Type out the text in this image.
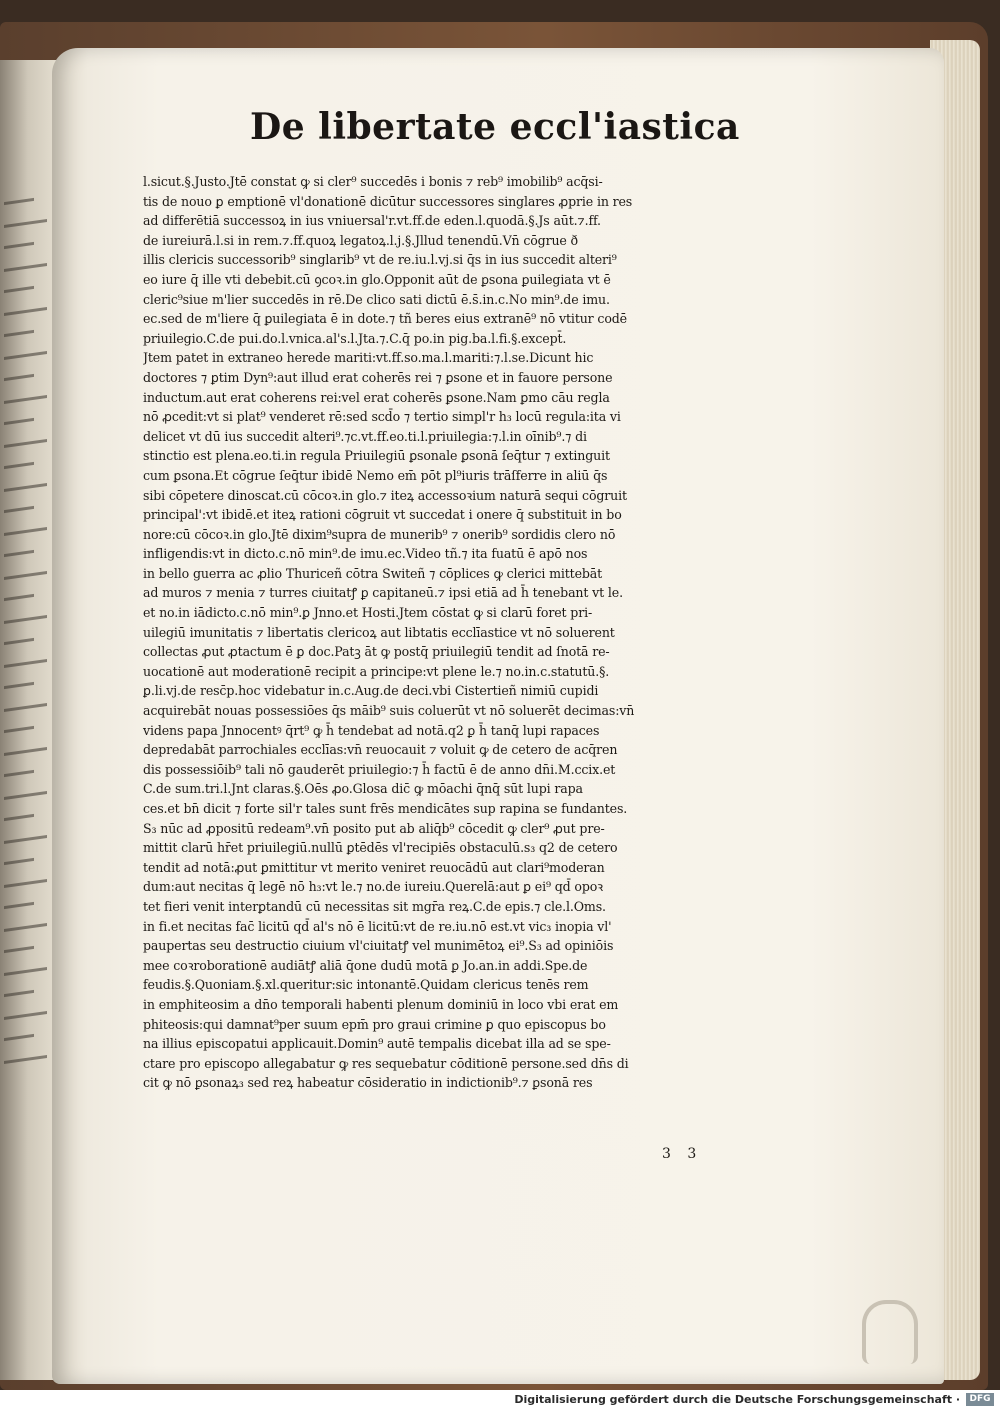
De libertate eccl'iastica
l.sicut.§.Justo.Jtē constat ꝙ si cler⁹ succedēs i bonis ⁊ reb⁹ imobilib⁹ acq̄si-
tis de nouo ꝑ emptionē vl'donationē dicūtur successores singlares ꝓprie in res
ad differētiā successoꝝ in ius vniuersal'r.vt.ff.de eden.l.quodā.§.Js aūt.⁊.ff.
de iureiurā.l.si in rem.⁊.ff.quoꝝ legatoꝝ.l.j.§.Jllud tenendū.Vn̄ cōgrue ð
illis clericis successorib⁹ singlarib⁹ vt de re.iu.l.vj.si q̄s in ius succedit alteri⁹
eo iure q̄ ille vti debebit.cū ꝯcoꝛ.in glo.Opponit aūt de ꝑsona ꝑuilegiata vt ē
cleric⁹siue m'lier succedēs in rē.De clico sati dictū ē.s̄.in.c.No min⁹.de imu.
ec.sed de m'liere q̄ ꝑuilegiata ē in dote.⁊ tñ beres eius extranē⁹ nō vtitur codē
priuilegio.C.de pui.do.l.vnica.al's.l.Jta.⁊.C.q̄ po.in pig.ba.l.fi.§.except̄.
Jtem patet in extraneo herede mariti:vt.ff.so.ma.l.mariti:⁊.l.se.Dicunt hic
doctores ⁊ ꝑtim Dyn⁹:aut illud erat coherēs rei ⁊ ꝑsone et in fauore persone
inductum.aut erat coherens rei:vel erat coherēs ꝑsone.Nam ꝑmo cāu regla
nō ꝓcedit:vt si plat⁹ venderet rē:sed scd̄o ⁊ tertio simpl'r h₃ locū regula:ita vi
delicet vt dū ius succedit alteri⁹.⁊c.vt.ff.eo.ti.l.priuilegia:⁊.l.in oīnib⁹.⁊ di
stinctio est plena.eo.ti.in regula Priuilegiū ꝑsonale ꝑsonā ſeq̄tur ⁊ extinguit
cum ꝑsona.Et cōgrue ſeq̄tur ibidē Nemo em̄ pōt pl⁹iuris trāſferre in aliū q̄s
sibi cōpetere dinoscat.cū cōcoꝛ.in glo.⁊ iteꝝ accessoꝛium naturā sequi cōgruit
principal':vt ibidē.et iteꝝ rationi cōgruit vt succedat i onere q̄ substituit in bo
nore:cū cōcoꝛ.in glo.Jtē dixim⁹supra de munerib⁹ ⁊ onerib⁹ sordidis clero nō
infligendis:vt in dicto.c.nō min⁹.de imu.ec.Video tñ.⁊ ita fuatū ē apō nos
in bello guerra ac ꝓlio Thuriceñ cōtra Switeñ ⁊ cōplices ꝙ clerici mittebāt
ad muros ⁊ menia ⁊ turres ciuitatꝭ ꝑ capitaneū.⁊ ipsi etiā ad h̄ tenebant vt le.
et no.in iādicto.c.nō min⁹.ꝑ Jnno.et Hosti.Jtem cōstat ꝙ si clarū foret pri-
uilegiū imunitatis ⁊ libertatis clericoꝝ aut libtatis ecclīastice vt nō soluerent
collectas ꝓut ꝓtactum ē ꝑ doc.Patꝫ āt ꝙ postq̄ priuilegiū tendit ad ſnotā re-
uocationē aut moderationē recipit a principe:vt plene le.⁊ no.in.c.statutū.§.
ꝑ.li.vj.de resc̄p.hoc videbatur in.c.Aug.de deci.vbi Cistertieñ nimiū cupidi
acquirebāt nouas possessiōes q̄s māib⁹ suis coluerūt vt nō soluerēt decimas:vn̄
videns papa Jnnocentꝰ q̄rt⁹ ꝙ h̄ tendebat ad notā.q2 ꝑ h̄ tanq̄ lupi rapaces
depredabāt parrochiales ecclīas:vn̄ reuocauit ⁊ voluit ꝙ de cetero de acq̄ren
dis possessiōib⁹ tali nō gauderēt priuilegio:⁊ h̄ factū ē de anno dn̄i.M.ccix.et
C.de sum.tri.l.Jnt claras.§.Oēs ꝓo.Glosa dic̄ ꝙ mōachi q̄nq̄ sūt lupi rapa
ces.et bn̄ dicit ⁊ forte sil'r tales sunt frēs mendicātes sup rapina se fundantes.
S₃ nūc ad ꝓpositū redeam⁹.vn̄ posito put ab aliq̄b⁹ cōcedit ꝙ cler⁹ ꝓut pre-
mittit clarū hr̄et priuilegiū.nullū ꝑtēdēs vl'recipiēs obstaculū.s₃ q2 de cetero
tendit ad notā:ꝓut ꝑmittitur vt merito veniret reuocādū aut clari⁹moderan
dum:aut necitas q̄ legē nō h₃:vt le.⁊ no.de iureiu.Querelā:aut ꝑ ei⁹ qd̄ opoꝛ
tet fieri venit interꝑtandū cū necessitas sit mgr̄a reꝝ.C.de epis.⁊ cle.l.Oms.
in fi.et necitas fac̄ licitū qd̄ al's nō ē licitū:vt de re.iu.nō est.vt vic₃ inopia vl'
paupertas seu destructio ciuium vl'ciuitatꝭ vel munimētoꝝ ei⁹.S₃ ad opiniōis
mee coꝛroborationē audiātꝭ aliā q̄one dudū motā ꝑ Jo.an.in addi.Spe.de
feudis.§.Quoniam.§.xl.queritur:sic intonantē.Quidam clericus tenēs rem
in emphiteosim a dn̄o temporali habenti plenum dominiū in loco vbi erat em
phiteosis:qui damnat⁹per suum epm̄ pro graui crimine ꝑ quo episcopus bo
na illius episcopatui applicauit.Domin⁹ autē tempalis dicebat illa ad se spe-
ctare pro episcopo allegabatur ꝙ res sequebatur cōditionē persone.sed dn̄s di
cit ꝙ nō ꝑsonaꝝ₃ sed reꝝ habeatur cōsideratio in indictionib⁹.⁊ ꝑsonā res
3 3
Digitalisierung gefördert durch die Deutsche Forschungsgemeinschaft ·	DFG
